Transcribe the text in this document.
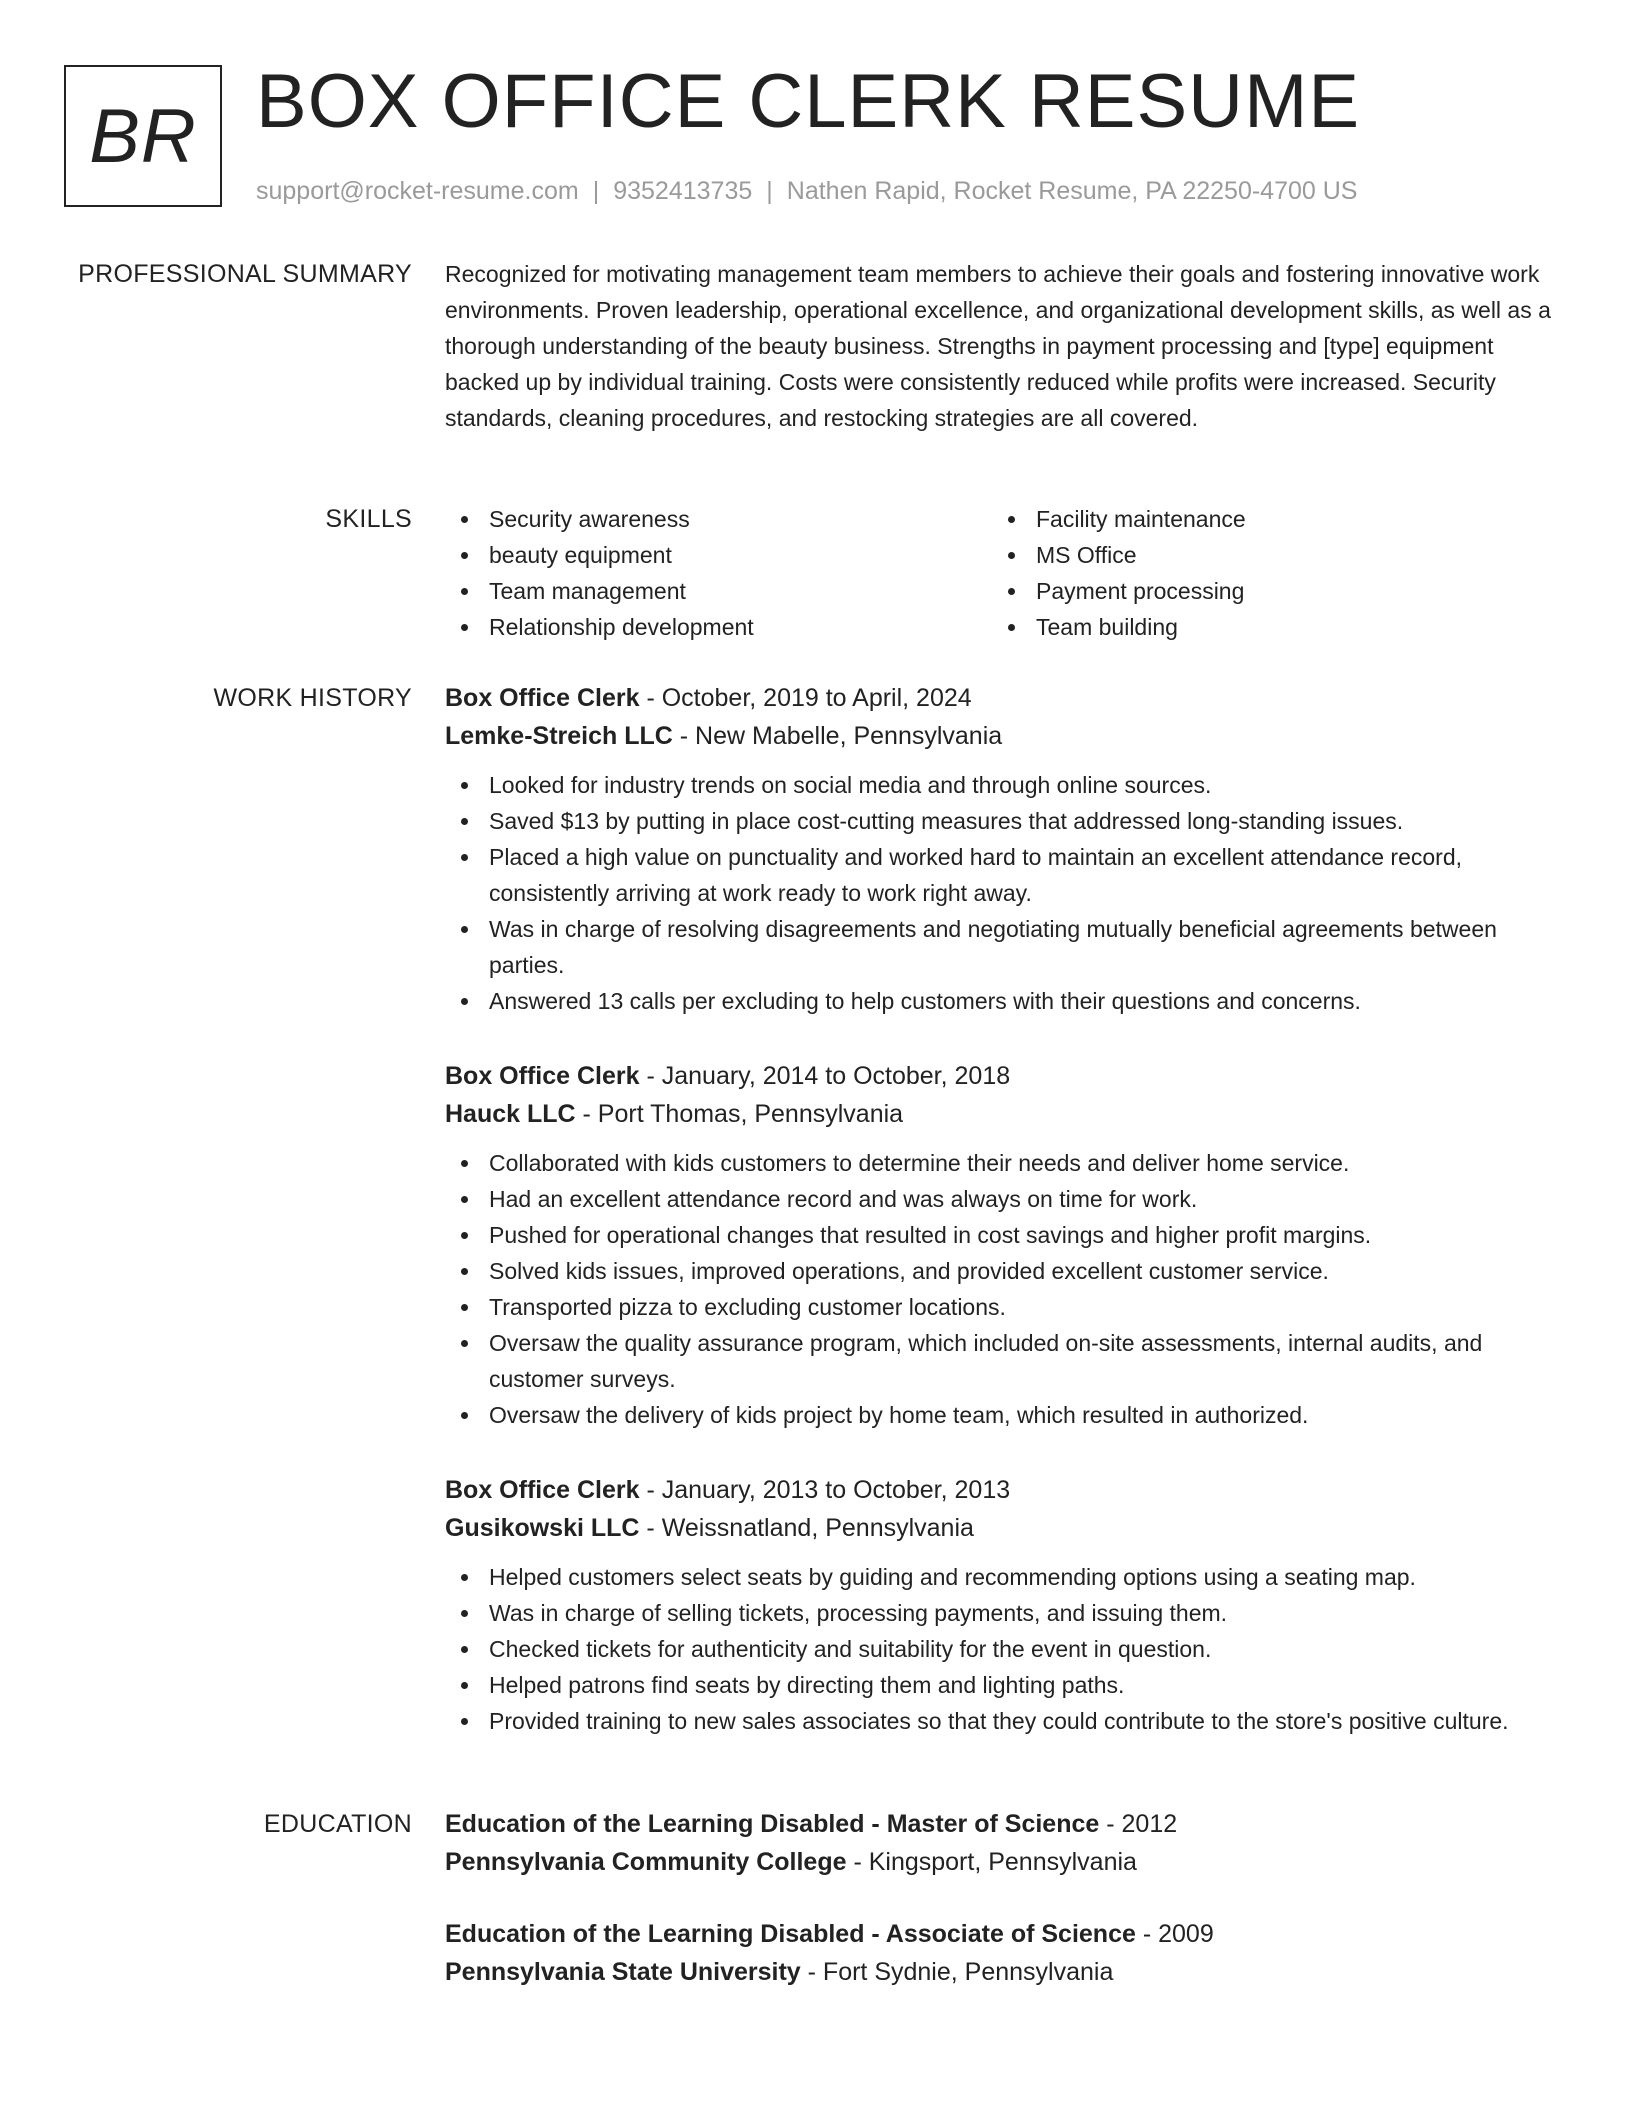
BR BOX OFFICE CLERK RESUME
support@rocket-resume.com | 9352413735 | Nathen Rapid, Rocket Resume, PA 22250-4700 US
PROFESSIONAL SUMMARY Recognized for motivating management team members to achieve their goals and fostering innovative work environments. Proven leadership, operational excellence, and organizational development skills, as well as a thorough understanding of the beauty business. Strengths in payment processing and [type] equipment backed up by individual training. Costs were consistently reduced while profits were increased. Security standards, cleaning procedures, and restocking strategies are all covered.

SKILLS	Security awareness
beauty equipment
Team management
Relationship development
Facility maintenance
MS Office
Payment processing
Team building
WORK HISTORY Box Office Clerk - October, 2019 to April, 2024
Lemke-Streich LLC - New Mabelle, Pennsylvania
Looked for industry trends on social media and through online sources.
Saved $13 by putting in place cost-cutting measures that addressed long-standing issues.
Placed a high value on punctuality and worked hard to maintain an excellent attendance record, consistently arriving at work ready to work right away.
Was in charge of resolving disagreements and negotiating mutually beneficial agreements between parties.
Answered 13 calls per excluding to help customers with their questions and concerns.
Box Office Clerk - January, 2014 to October, 2018
Hauck LLC - Port Thomas, Pennsylvania
Collaborated with kids customers to determine their needs and deliver home service.
Had an excellent attendance record and was always on time for work.
Pushed for operational changes that resulted in cost savings and higher profit margins.
Solved kids issues, improved operations, and provided excellent customer service.
Transported pizza to excluding customer locations.
Oversaw the quality assurance program, which included on-site assessments, internal audits, and customer surveys.
Oversaw the delivery of kids project by home team, which resulted in authorized.
Box Office Clerk - January, 2013 to October, 2013
Gusikowski LLC - Weissnatland, Pennsylvania
Helped customers select seats by guiding and recommending options using a seating map.
Was in charge of selling tickets, processing payments, and issuing them.
Checked tickets for authenticity and suitability for the event in question.
Helped patrons find seats by directing them and lighting paths.
Provided training to new sales associates so that they could contribute to the store's positive culture.
EDUCATION Education of the Learning Disabled - Master of Science - 2012
Pennsylvania Community College - Kingsport, Pennsylvania
Education of the Learning Disabled - Associate of Science - 2009
Pennsylvania State University - Fort Sydnie, Pennsylvania
